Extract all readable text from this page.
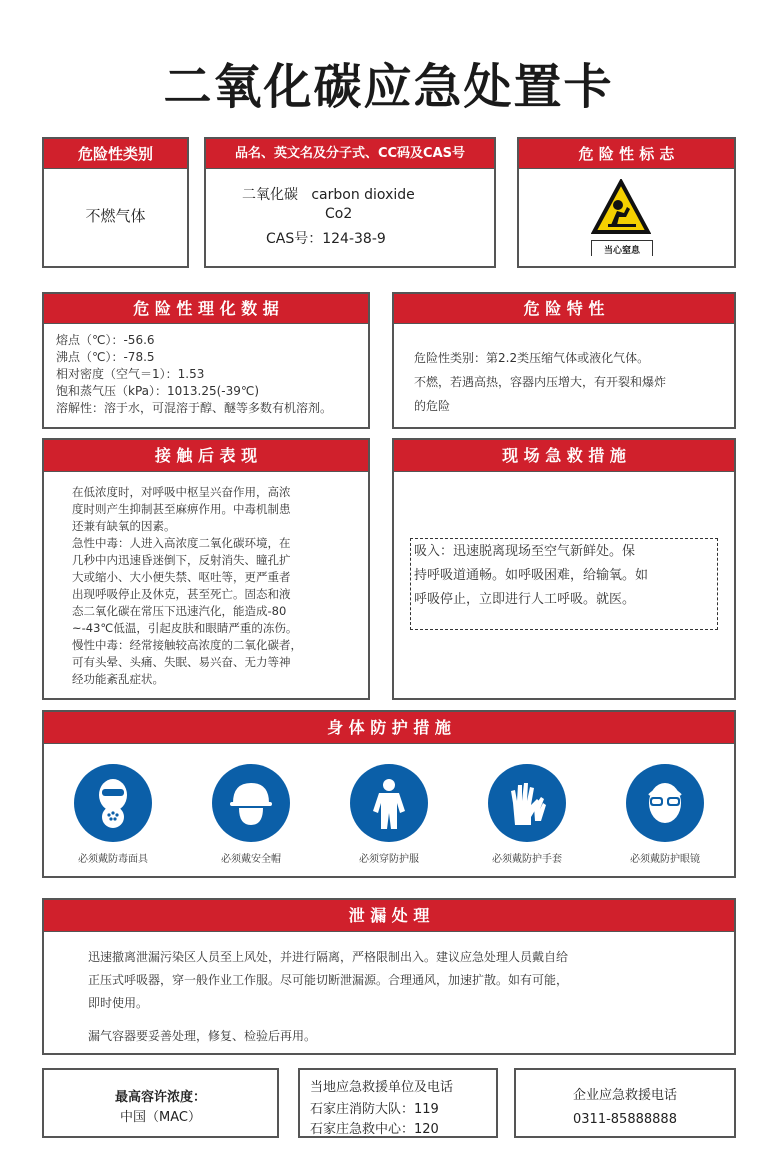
二氧化碳应急处置卡
危险性类别
不燃气体
品名、英文名及分子式、CC码及CAS号
二氧化碳   carbon dioxide
Co2
CAS号：124-38-9
危 险 性 标 志
当心窒息
危 险 性 理 化 数 据
熔点（℃）：-56.6
沸点（℃）：-78.5
相对密度（空气＝1）：1.53
饱和蒸气压（kPa）：1013.25(-39℃)
溶解性：溶于水，可混溶于醇、醚等多数有机溶剂。
危 险 特 性
危险性类别：第2.2类压缩气体或液化气体。
不燃，若遇高热，容器内压增大，有开裂和爆炸
的危险
接 触 后 表 现
在低浓度时，对呼吸中枢呈兴奋作用，高浓
度时则产生抑制甚至麻痹作用。中毒机制患
还兼有缺氧的因素。
急性中毒：人进入高浓度二氧化碳环境，在
几秒中内迅速昏迷倒下，反射消失、瞳孔扩
大或缩小、大小便失禁、呕吐等，更严重者
出现呼吸停止及休克，甚至死亡。固态和液
态二氧化碳在常压下迅速汽化，能造成-80
~-43℃低温，引起皮肤和眼睛严重的冻伤。
慢性中毒：经常接触较高浓度的二氧化碳者，
可有头晕、头痛、失眠、易兴奋、无力等神
经功能紊乱症状。
现 场 急 救 措 施
吸入：迅速脱离现场至空气新鲜处。保
持呼吸道通畅。如呼吸困难，给输氧。如
呼吸停止，立即进行人工呼吸。就医。
身 体 防 护 措 施
必须戴防毒面具	必须戴安全帽	必须穿防护服	必须戴防护手套	必须戴防护眼镜
泄 漏 处 理
迅速撤离泄漏污染区人员至上风处，并进行隔离，严格限制出入。建议应急处理人员戴自给
正压式呼吸器，穿一般作业工作服。尽可能切断泄漏源。合理通风，加速扩散。如有可能，
即时使用。
漏气容器要妥善处理，修复、检验后再用。
最高容许浓度：
中国（MAC）
当地应急救援单位及电话
石家庄消防大队：119
石家庄急救中心：120
企业应急救援电话
0311-85888888
